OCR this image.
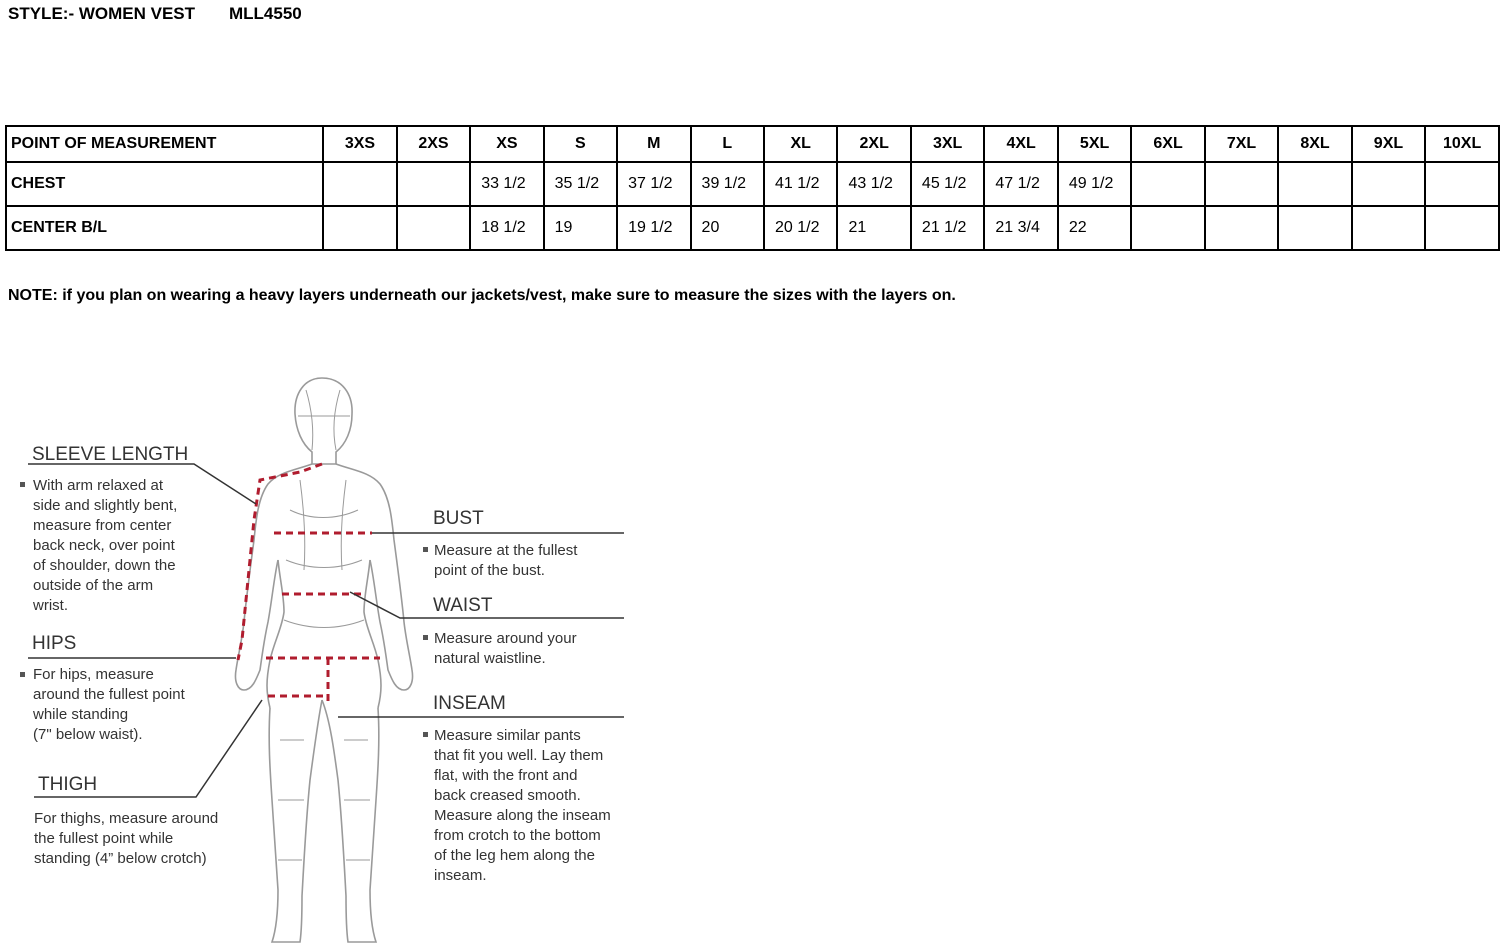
STYLE:- WOMEN VEST MLL4550
POINT OF MEASUREMENT	3XS	2XS	XS	S	M	L	XL	2XL	3XL	4XL	5XL	6XL	7XL	8XL	9XL	10XL
CHEST			33 1/2	35 1/2	37 1/2	39 1/2	41 1/2	43 1/2	45 1/2	47 1/2	49 1/2					
CENTER B/L			18 1/2	19	19 1/2	20	20 1/2	21	21 1/2	21 3/4	22					
NOTE: if you plan on wearing a heavy layers underneath our jackets/vest, make sure to measure the sizes with the layers on.
SLEEVE LENGTH
With arm relaxed at side and slightly bent, measure from center back neck, over point of shoulder, down the outside of the arm wrist.
HIPS
For hips, measure around the fullest point while standing (7" below waist).
THIGH
For thighs, measure around the fullest point while standing (4” below crotch)
BUST
Measure at the fullest point of the bust.
WAIST
Measure around your natural waistline.
INSEAM
Measure similar pants that fit you well. Lay them flat, with the front and back creased smooth. Measure along the inseam from crotch to the bottom of the leg hem along the inseam.
